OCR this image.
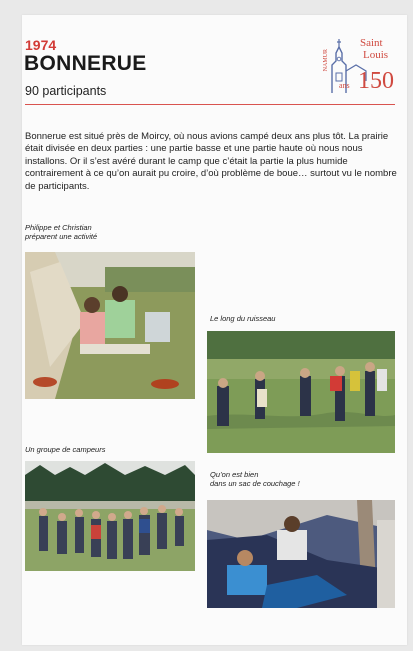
1974
BONNERUE
90 participants
NAMUR
Saint
Louis
ans 150

Bonnerue est situé près de Moircy, où nous avions campé deux ans plus tôt. La prairie était divisée en deux parties : une partie basse et une partie haute où nous nous installons. Or il s’est avéré durant le camp que c’était la partie la plus humide contrairement à ce qu’on aurait pu croire, d’où problème de boue… surtout vu le nombre de participants.

Philippe et Christian
préparent une activité
Le long du ruisseau
Un groupe de campeurs
Qu’on est bien
dans un sac de couchage !
